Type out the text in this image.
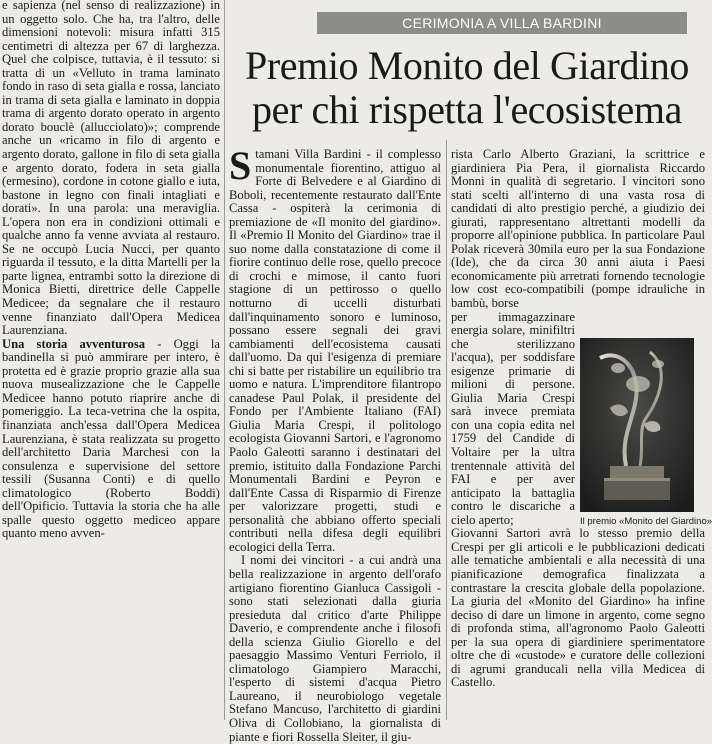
e sapienza (nel senso di realizzazione) in un oggetto solo. Che ha, tra l'altro, delle dimensioni notevoli: misura infatti 315 centimetri di altezza per 67 di larghezza. Quel che colpisce, tuttavia, è il tessuto: si tratta di un «Velluto in trama laminato fondo in raso di seta gialla e rossa, lanciato in trama di seta gialla e laminato in doppia trama di argento dorato operato in argento dorato bouclè (allucciolato)»; comprende anche un «ricamo in filo di argento e argento dorato, gallone in filo di seta gialla e argento dorato, fodera in seta gialla (ermesino), cordone in cotone giallo e iuta, bastone in legno con finali intagliati e dorati». In una parola: una meraviglia. L'opera non era in condizioni ottimali e qualche anno fa venne avviata al restauro. Se ne occupò Lucia Nucci, per quanto riguarda il tessuto, e la ditta Martelli per la parte lignea, entrambi sotto la direzione di Monica Bietti, direttrice delle Cappelle Medicee; da segnalare che il restauro venne finanziato dall'Opera Medicea Laurenziana.

Una storia avventurosa - Oggi la bandinella si può ammirare per intero, è protetta ed è grazie proprio grazie alla sua nuova musealizzazione che le Cappelle Medicee hanno potuto riaprire anche di pomeriggio. La teca-vetrina che la ospita, finanziata anch'essa dall'Opera Medicea Laurenziana, è stata realizzata su progetto dell'architetto Daria Marchesi con la consulenza e supervisione del settore tessili (Susanna Conti) e di quello climatologico (Roberto Boddi) dell'Opificio. Tuttavia la storia che ha alle spalle questo oggetto mediceo appare quanto meno avven-

CERIMONIA A VILLA BARDINI
Premio Monito del Giardino per chi rispetta l'ecosistema

Stamani Villa Bardini - il complesso monumentale fiorentino, attiguo al Forte di Belvedere e al Giardino di Boboli, recentemente restaurato dall'Ente Cassa - ospiterà la cerimonia di premiazione de «Il monito del giardino». Il «Premio Il Monito del Giardino» trae il suo nome dalla constatazione di come il fiorire continuo delle rose, quello precoce di crochi e mimose, il canto fuori stagione di un pettirosso o quello notturno di uccelli disturbati dall'inquinamento sonoro e luminoso, possano essere segnali dei gravi cambiamenti dell'ecosistema causati dall'uomo. Da qui l'esigenza di premiare chi si batte per ristabilire un equilibrio tra uomo e natura. L'imprenditore filantropo canadese Paul Polak, il presidente del Fondo per l'Ambiente Italiano (FAI) Giulia Maria Crespi, il politologo ecologista Giovanni Sartori, e l'agronomo Paolo Galeotti saranno i destinatari del premio, istituito dalla Fondazione Parchi Monumentali Bardini e Peyron e dall'Ente Cassa di Risparmio di Firenze per valorizzare progetti, studi e personalità che abbiano offerto speciali contributi nella difesa degli equilibri ecologici della Terra.

I nomi dei vincitori - a cui andrà una bella realizzazione in argento dell'orafo artigiano fiorentino Gianluca Cassigoli - sono stati selezionati dalla giuria presieduta dal critico d'arte Philippe Daverio, e comprendente anche i filosofi della scienza Giulio Giorello e del paesaggio Massimo Venturi Ferriolo, il climatologo Giampiero Maracchi, l'esperto di sistemi d'acqua Pietro Laureano, il neurobiologo vegetale Stefano Mancuso, l'architetto di giardini Oliva di Collobiano, la giornalista di piante e fiori Rossella Sleiter, il giu-

rista Carlo Alberto Graziani, la scrittrice e giardiniera Pia Pera, il giornalista Riccardo Monni in qualità di segretario. I vincitori sono stati scelti all'interno di una vasta rosa di candidati di alto prestigio perché, a giudizio dei giurati, rappresentano altrettanti modelli da proporre all'opinione pubblica. In particolare Paul Polak riceverà 30mila euro per la sua Fondazione (Ide), che da circa 30 anni aiuta i Paesi economicamente più arretrati fornendo tecnologie low cost eco-compatibili (pompe idrauliche in bambù, borse

per immagazzinare energia solare, minifiltri che sterilizzano l'acqua), per soddisfare esigenze primarie di milioni di persone. Giulia Maria Crespi sarà invece premiata con una copia edita nel 1759 del Candide di Voltaire per la ultra trentennale attività del FAI e per aver anticipato la battaglia contro le discariche a cielo aperto;

Giovanni Sartori avrà lo stesso premio della Crespi per gli articoli e le pubblicazioni dedicati alle tematiche ambientali e alla necessità di una pianificazione demografica finalizzata a contrastare la crescita globale della popolazione. La giuria del «Monito del Giardino» ha infine deciso di dare un limone in argento, come segno di profonda stima, all'agronomo Paolo Galeotti per la sua opera di giardiniere sperimentatore oltre che di «custode» e curatore delle collezioni di agrumi granducali nella villa Medicea di Castello.

Il premio «Monito del Giardino»
